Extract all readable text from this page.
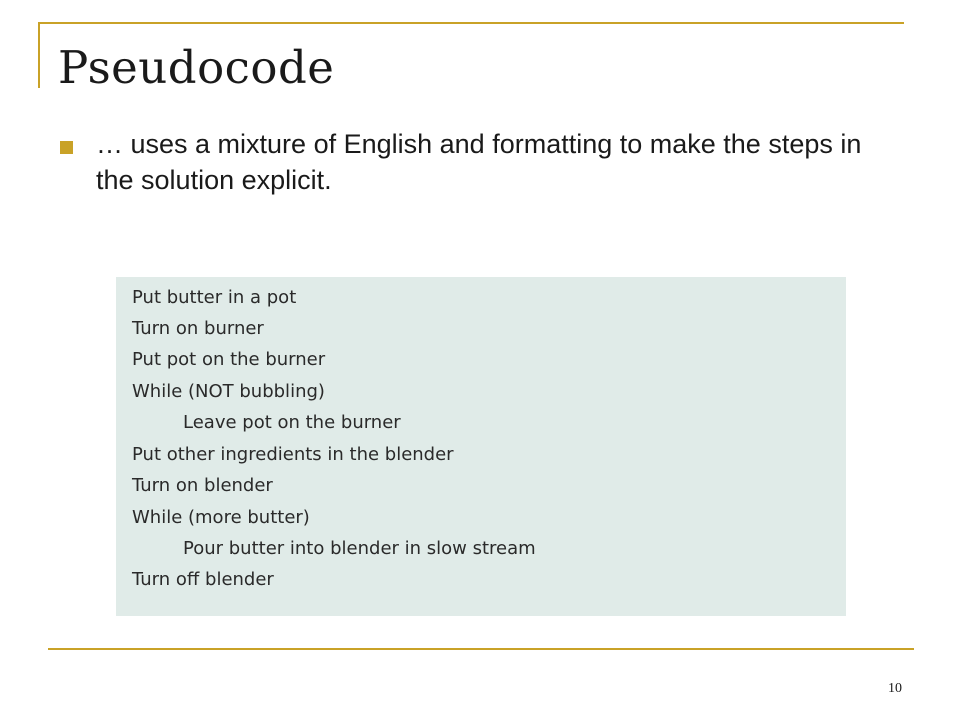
Pseudocode

… uses a mixture of English and formatting to make the steps in the solution explicit.

Put butter in a pot

Turn on burner

Put pot on the burner

While (NOT bubbling)

Leave pot on the burner

Put other ingredients in the blender

Turn on blender

While (more butter)

Pour butter into blender in slow stream

Turn off blender

10
